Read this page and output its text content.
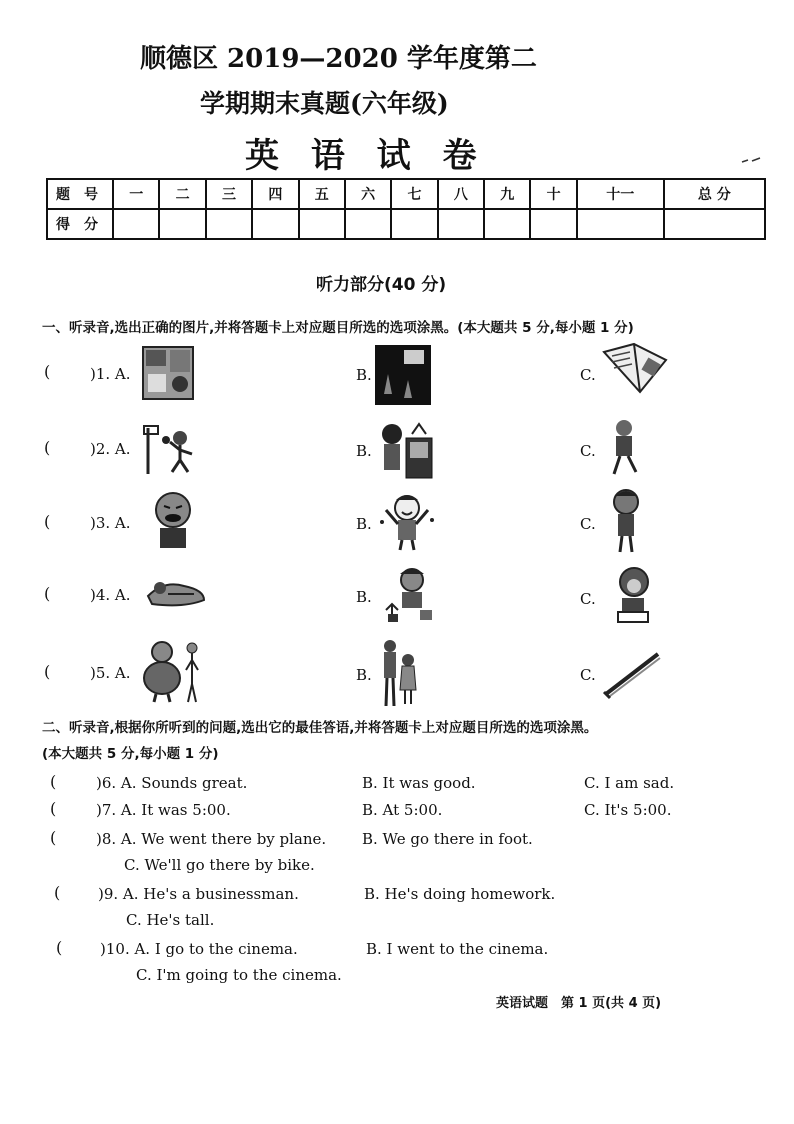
顺德区 2019—2020 学年度第二
学期期末真题(六年级)
英 语 试 卷
题号	一	二	三	四	五	六	七	八	九	十	十一	总 分
得分												
听力部分(40 分)
一、听录音,选出正确的图片,并将答题卡上对应题目所选的选项涂黑。(本大题共 5 分,每小题 1 分)
(	)1. A.	B.	C.
(	)2. A.	B.	C.
(	)3. A.	B.	C.
(	)4. A.	B.	C.
(	)5. A.	B.	C.
二、听录音,根据你所听到的问题,选出它的最佳答语,并将答题卡上对应题目所选的选项涂黑。
(本大题共 5 分,每小题 1 分)
(	)6. A. Sounds great.	B. It was good.	C. I am sad.
(	)7. A. It was 5:00.	B. At 5:00.	C. It's 5:00.
(	)8. A. We went there by plane. B. We go there in foot.
C. We'll go there by bike.
(	)9. A. He's a businessman.	B. He's doing homework.
C. He's tall.
(	)10. A. I go to the cinema.	B. I went to the cinema.
C. I'm going to the cinema.
英语试题　第 1 页(共 4 页)
